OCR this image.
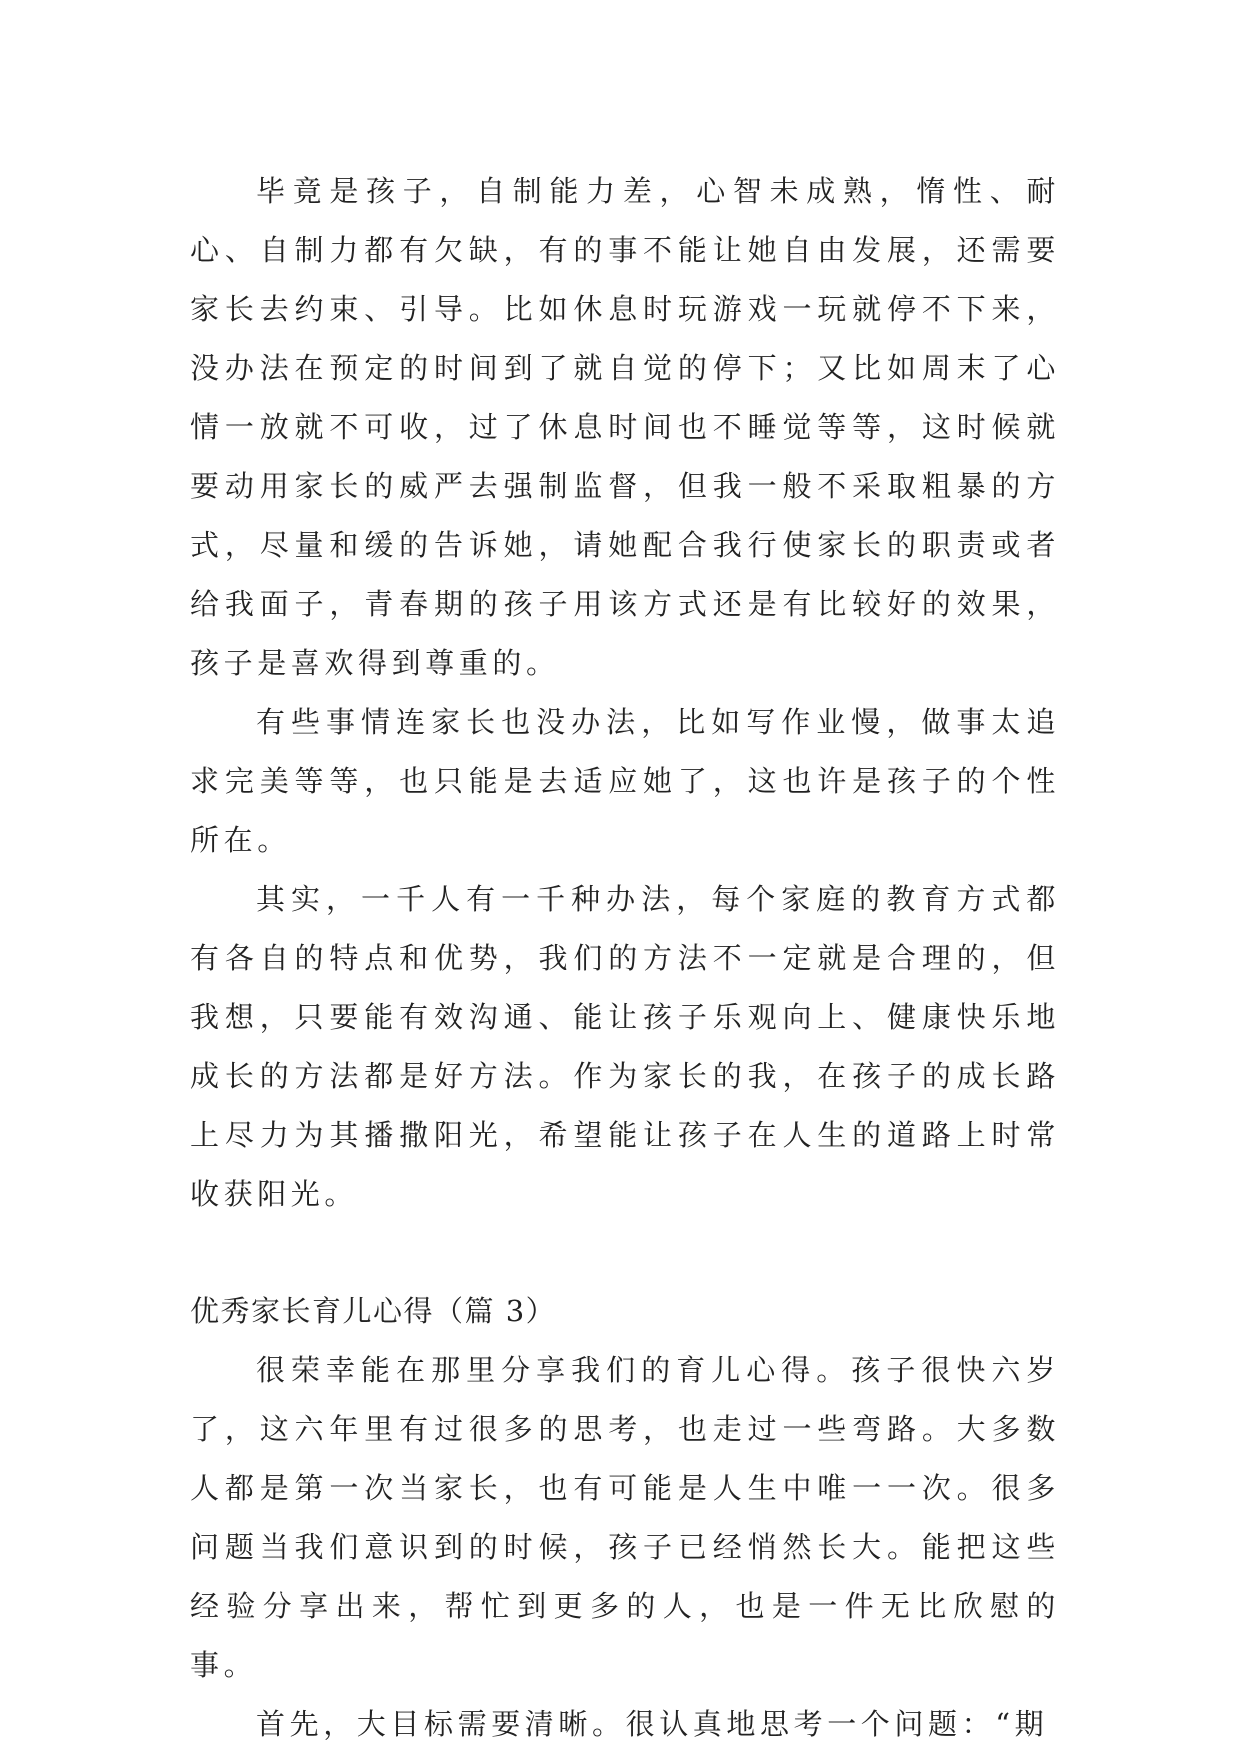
毕竟是孩子，自制能力差，心智未成熟，惰性、耐心、自制力都有欠缺，有的事不能让她自由发展，还需要家长去约束、引导。比如休息时玩游戏一玩就停不下来，没办法在预定的时间到了就自觉的停下；又比如周末了心情一放就不可收，过了休息时间也不睡觉等等，这时候就要动用家长的威严去强制监督，但我一般不采取粗暴的方式，尽量和缓的告诉她，请她配合我行使家长的职责或者给我面子，青春期的孩子用该方式还是有比较好的效果，孩子是喜欢得到尊重的。

有些事情连家长也没办法，比如写作业慢，做事太追求完美等等，也只能是去适应她了，这也许是孩子的个性所在。

其实，一千人有一千种办法，每个家庭的教育方式都有各自的特点和优势，我们的方法不一定就是合理的，但我想，只要能有效沟通、能让孩子乐观向上、健康快乐地成长的方法都是好方法。作为家长的我，在孩子的成长路上尽力为其播撒阳光，希望能让孩子在人生的道路上时常收获阳光。

优秀家长育儿心得（篇 3）

很荣幸能在那里分享我们的育儿心得。孩子很快六岁了，这六年里有过很多的思考，也走过一些弯路。大多数人都是第一次当家长，也有可能是人生中唯一一次。很多问题当我们意识到的时候，孩子已经悄然长大。能把这些经验分享出来，帮忙到更多的人，也是一件无比欣慰的事。

首先，大目标需要清晰。很认真地思考一个问题：“期
